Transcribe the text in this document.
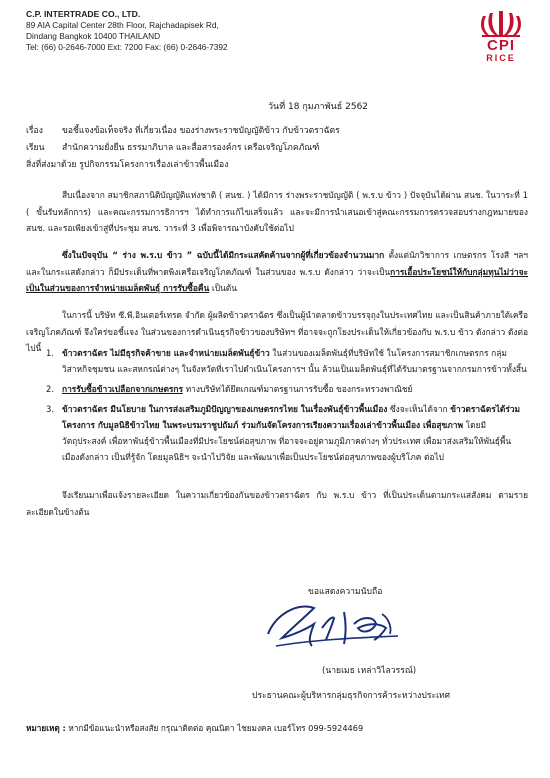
C.P. INTERTRADE CO., LTD.
89 AIA Capital Center 28th Floor, Rajchadapisek Rd,
Dindang Bangkok 10400 THAILAND
Tel: (66) 0-2646-7000 Ext: 7200 Fax: (66) 0-2646-7392	CPI
RICE
วันที่ 18 กุมภาพันธ์ 2562
เรื่อง ขอชี้แจงข้อเท็จจริง ที่เกี่ยวเนื่อง ของร่างพระราชบัญญัติข้าว กับข้าวตราฉัตร
เรียน สำนักความยั่งยืน ธรรมาภิบาล และสื่อสารองค์กร เครือเจริญโภคภัณฑ์
สิ่งที่ส่งมาด้วย รูปกิจกรรมโครงการเรื่องเล่าข้าวพื้นเมือง
สืบเนื่องจาก สมาชิกสภานิติบัญญัติแห่งชาติ ( สนช. ) ได้มีการ ร่างพระราชบัญญัติ ( พ.ร.บ ข้าว ) ปัจจุบันได้ผ่าน สนช. ในวาระที่ 1 ( ขั้นรับหลักการ) และคณะกรรมการธิการฯ ได้ทำการแก้ไขเสร็จแล้ว และจะมีการนำเสนอเข้าสู่คณะกรรมการตรวจสอบร่างกฎหมายของ สนช. และรอเพียงเข้าสู่ที่ประชุม สนช. วาระที่ 3 เพื่อพิจารณาบังคับใช้ต่อไป
ซึ่งในปัจจุบัน “ ร่าง พ.ร.บ ข้าว ” ฉบับนี้ได้มีกระแสคัดค้านจากผู้ที่เกี่ยวข้องจำนวนมาก ตั้งแต่นักวิชาการ เกษตรกร โรงสี ฯลฯ และในกระแสดังกล่าว ก็มีประเด็นที่พาดพิงเครือเจริญโภคภัณฑ์ ในส่วนของ พ.ร.บ ดังกล่าว ว่าจะเป็นการเอื้อประโยชน์ให้กับกลุ่มทุนไม่ว่าจะเป็นในส่วนของการจำหน่ายเมล็ดพันธุ์ การรับซื้อคืน เป็นต้น
ในการนี้ บริษัท ซี.พี.อินเตอร์เทรด จำกัด ผู้ผลิตข้าวตราฉัตร ซึ่งเป็นผู้นำตลาดข้าวบรรจุถุงในประเทศไทย และเป็นสินค้าภายใต้เครือเจริญโภคภัณฑ์ จึงใคร่ขอชี้แจง ในส่วนของการดำเนินธุรกิจข้าวของบริษัทฯ ที่อาจจะถูกโยงประเด็นให้เกี่ยวข้องกับ พ.ร.บ ข้าว ดังกล่าว ดังต่อไปนี้ 1. ข้าวตราฉัตร ไม่มีธุรกิจค้าขาย และจำหน่ายเมล็ดพันธุ์ข้าว ในส่วนของเมล็ดพันธุ์ที่บริษัทใช้ ในโครงการสมาชิกเกษตรกร กลุ่มวิสาหกิจชุมชน และสหกรณ์ต่างๆ ในจังหวัดที่เราไปดำเนินโครงการฯ นั้น ล้วนเป็นเมล็ดพันธุ์ที่ได้รับมาตรฐานจากกรมการข้าวทั้งสิ้น
2. การรับซื้อข้าวเปลือกจากเกษตรกร ทางบริษัทได้ยึดเกณฑ์มาตรฐานการรับซื้อ ของกระทรวงพาณิชย์
3. ข้าวตราฉัตร มีนโยบาย ในการส่งเสริมภูมิปัญญาของเกษตรกรไทย ในเรื่องพันธุ์ข้าวพื้นเมือง ซึ่งจะเห็นได้จาก ข้าวตราฉัตรได้ร่วมโครงการ กับมูลนิธิข้าวไทย ในพระบรมราชูปถัมภ์ ร่วมกันจัดโครงการเรียงความเรื่องเล่าข้าวพื้นเมือง เพื่อสุขภาพ โดยมีวัตถุประสงค์ เพื่อหาพันธุ์ข้าวพื้นเมืองที่มีประโยชน์ต่อสุขภาพ ที่อาจจะอยู่ตามภูมิภาคต่างๆ ทั่วประเทศ เพื่อมาส่งเสริมให้พันธุ์พื้นเมืองดังกล่าว เป็นที่รู้จัก โดยมูลนิธิฯ จะนำไปวิจัย และพัฒนาเพื่อเป็นประโยชน์ต่อสุขภาพของผู้บริโภค ต่อไป
จึงเรียนมาเพื่อแจ้งรายละเอียด ในความเกี่ยวข้องกันของข้าวตราฉัตร กับ พ.ร.บ ข้าว ที่เป็นประเด็นตามกระแสสังคม ตามรายละเอียดในข้างต้น
ขอแสดงความนับถือ
(นายเมธ เหล่าวิไลวรรณ์)
ประธานคณะผู้บริหารกลุ่มธุรกิจการค้าระหว่างประเทศ
หมายเหตุ : หากมีข้อแนะนำหรือสงสัย กรุณาติดต่อ คุณนิดา ไชยมงคล เบอร์โทร 099-5924469
